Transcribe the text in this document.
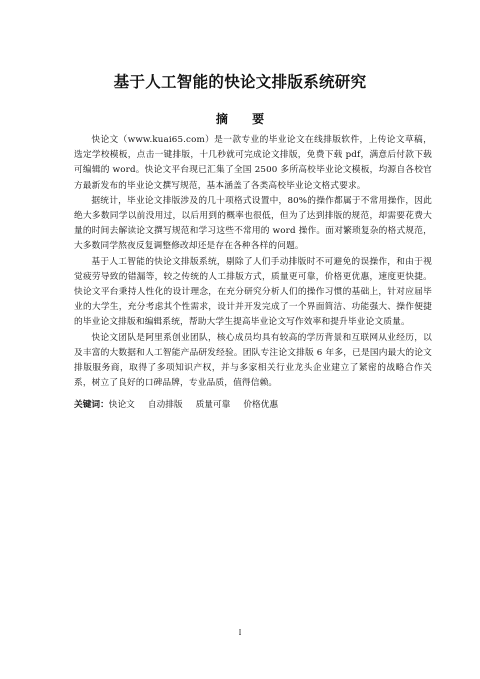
基于人工智能的快论文排版系统研究
摘 要

快论文（www.kuai65.com）是一款专业的毕业论文在线排版软件，上传论文草稿，选定学校模板，点击一键排版，十几秒就可完成论文排版，免费下载 pdf，满意后付款下载可编辑的 word。快论文平台现已汇集了全国 2500 多所高校毕业论文模板，均源自各校官方最新发布的毕业论文撰写规范，基本涵盖了各类高校毕业论文格式要求。

据统计，毕业论文排版涉及的几十项格式设置中，80%的操作都属于不常用操作，因此绝大多数同学以前没用过，以后用到的概率也很低，但为了达到排版的规范，却需要花费大量的时间去解读论文撰写规范和学习这些不常用的 word 操作。面对繁琐复杂的格式规范，大多数同学熬夜反复调整修改却还是存在各种各样的问题。

基于人工智能的快论文排版系统，剔除了人们手动排版时不可避免的误操作，和由于视觉疲劳导致的错漏等，较之传统的人工排版方式，质量更可靠，价格更优惠，速度更快捷。快论文平台秉持人性化的设计理念，在充分研究分析人们的操作习惯的基础上，针对应届毕业的大学生，充分考虑其个性需求，设计并开发完成了一个界面简洁、功能强大、操作便捷的毕业论文排版和编辑系统，帮助大学生提高毕业论文写作效率和提升毕业论文质量。

快论文团队是阿里系创业团队，核心成员均具有较高的学历背景和互联网从业经历，以及丰富的大数据和人工智能产品研发经验。团队专注论文排版 6 年多，已是国内最大的论文排版服务商，取得了多项知识产权，并与多家相关行业龙头企业建立了紧密的战略合作关系，树立了良好的口碑品牌，专业品质，值得信赖。

关键词：快论文 自动排版 质量可靠 价格优惠

I
